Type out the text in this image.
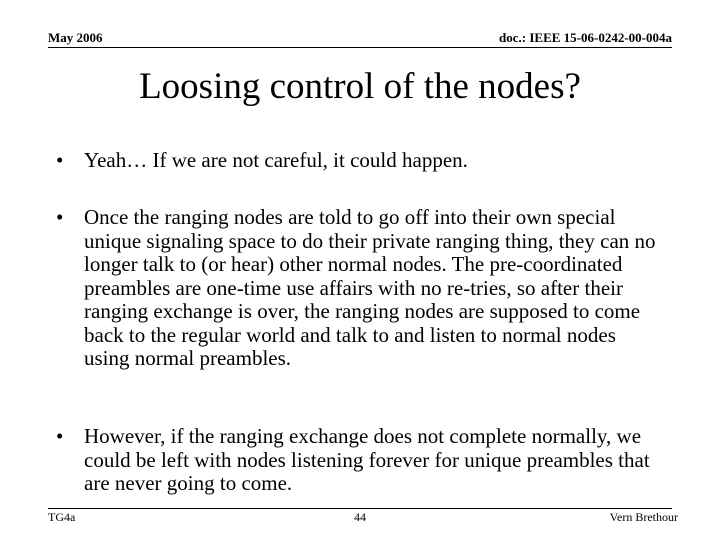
May 2006	doc.: IEEE 15-06-0242-00-004a
Loosing control of the nodes?
• Yeah… If we are not careful, it could happen.
• Once the ranging nodes are told to go off into their own special unique signaling space to do their private ranging thing, they can no longer talk to (or hear) other normal nodes. The pre-coordinated preambles are one-time use affairs with no re-tries, so after their ranging exchange is over, the ranging nodes are supposed to come back to the regular world and talk to and listen to normal nodes using normal preambles.
• However, if the ranging exchange does not complete normally, we could be left with nodes listening forever for unique preambles that are never going to come.
TG4a	44	Vern Brethour
